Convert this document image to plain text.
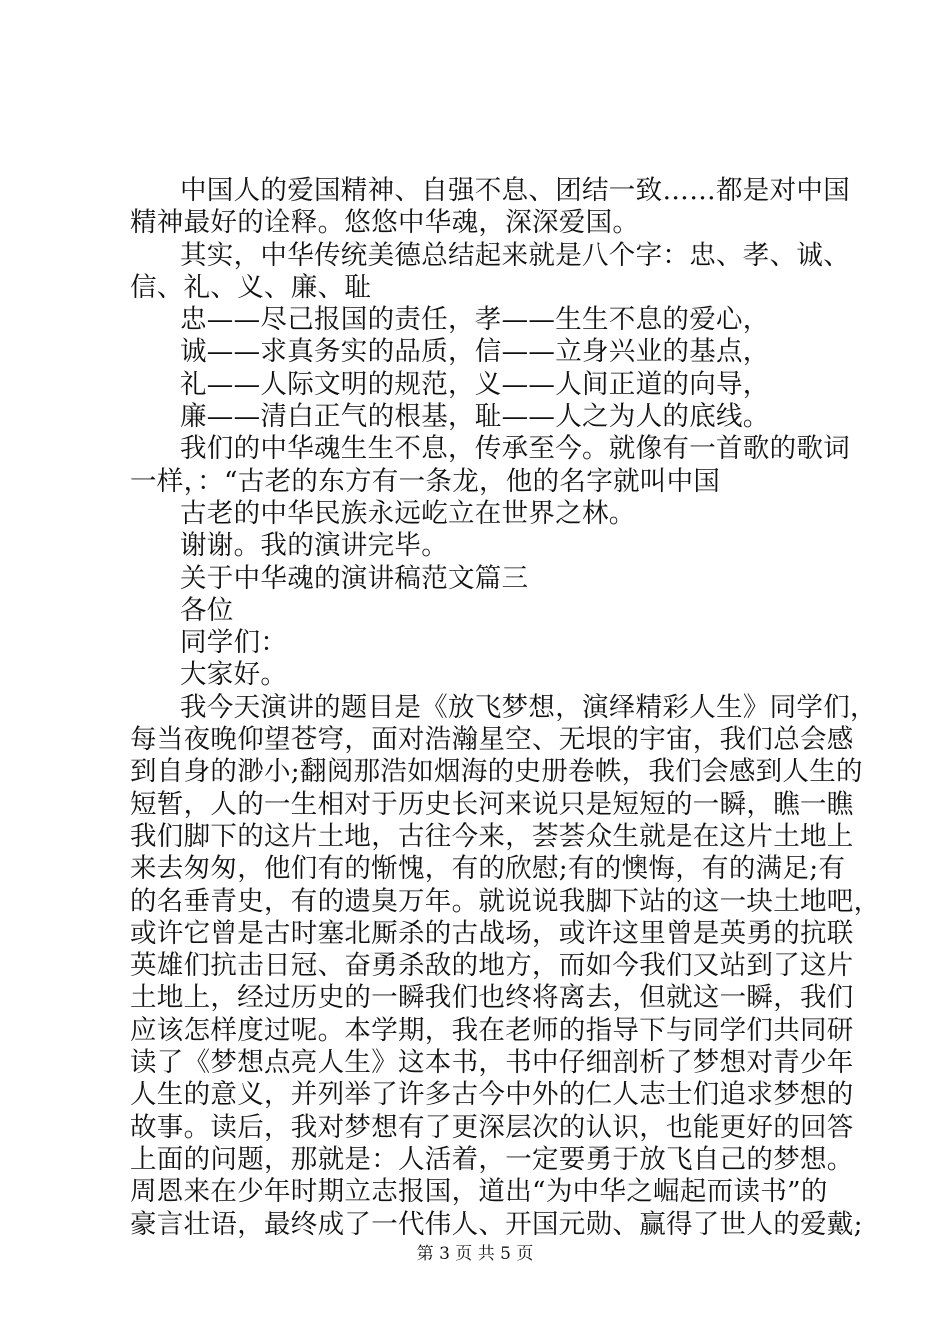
中国人的爱国精神、自强不息、团结一致……都是对中国
精神最好的诠释。悠悠中华魂，深深爱国。
其实，中华传统美德总结起来就是八个字：忠、孝、诚、
信、礼、义、廉、耻
忠——尽己报国的责任，孝——生生不息的爱心，
诚——求真务实的品质，信——立身兴业的基点，
礼——人际文明的规范，义——人间正道的向导，
廉——清白正气的根基，耻——人之为人的底线。
我们的中华魂生生不息，传承至今。就像有一首歌的歌词
一样，：“古老的东方有一条龙，他的名字就叫中国
古老的中华民族永远屹立在世界之林。
谢谢。我的演讲完毕。
关于中华魂的演讲稿范文篇三
各位
同学们：
大家好。
我今天演讲的题目是《放飞梦想，演绎精彩人生》同学们，
每当夜晚仰望苍穹，面对浩瀚星空、无垠的宇宙，我们总会感
到自身的渺小;翻阅那浩如烟海的史册卷帙，我们会感到人生的
短暂，人的一生相对于历史长河来说只是短短的一瞬，瞧一瞧
我们脚下的这片土地，古往今来，荟荟众生就是在这片土地上
来去匆匆，他们有的惭愧，有的欣慰;有的懊悔，有的满足;有
的名垂青史，有的遗臭万年。就说说我脚下站的这一块土地吧，
或许它曾是古时塞北厮杀的古战场，或许这里曾是英勇的抗联
英雄们抗击日冠、奋勇杀敌的地方，而如今我们又站到了这片
土地上，经过历史的一瞬我们也终将离去，但就这一瞬，我们
应该怎样度过呢。本学期，我在老师的指导下与同学们共同研
读了《梦想点亮人生》这本书，书中仔细剖析了梦想对青少年
人生的意义，并列举了许多古今中外的仁人志士们追求梦想的
故事。读后，我对梦想有了更深层次的认识，也能更好的回答
上面的问题，那就是：人活着，一定要勇于放飞自己的梦想。
周恩来在少年时期立志报国，道出“为中华之崛起而读书”的
豪言壮语，最终成了一代伟人、开国元勋、赢得了世人的爱戴;
第 3 页 共 5 页
